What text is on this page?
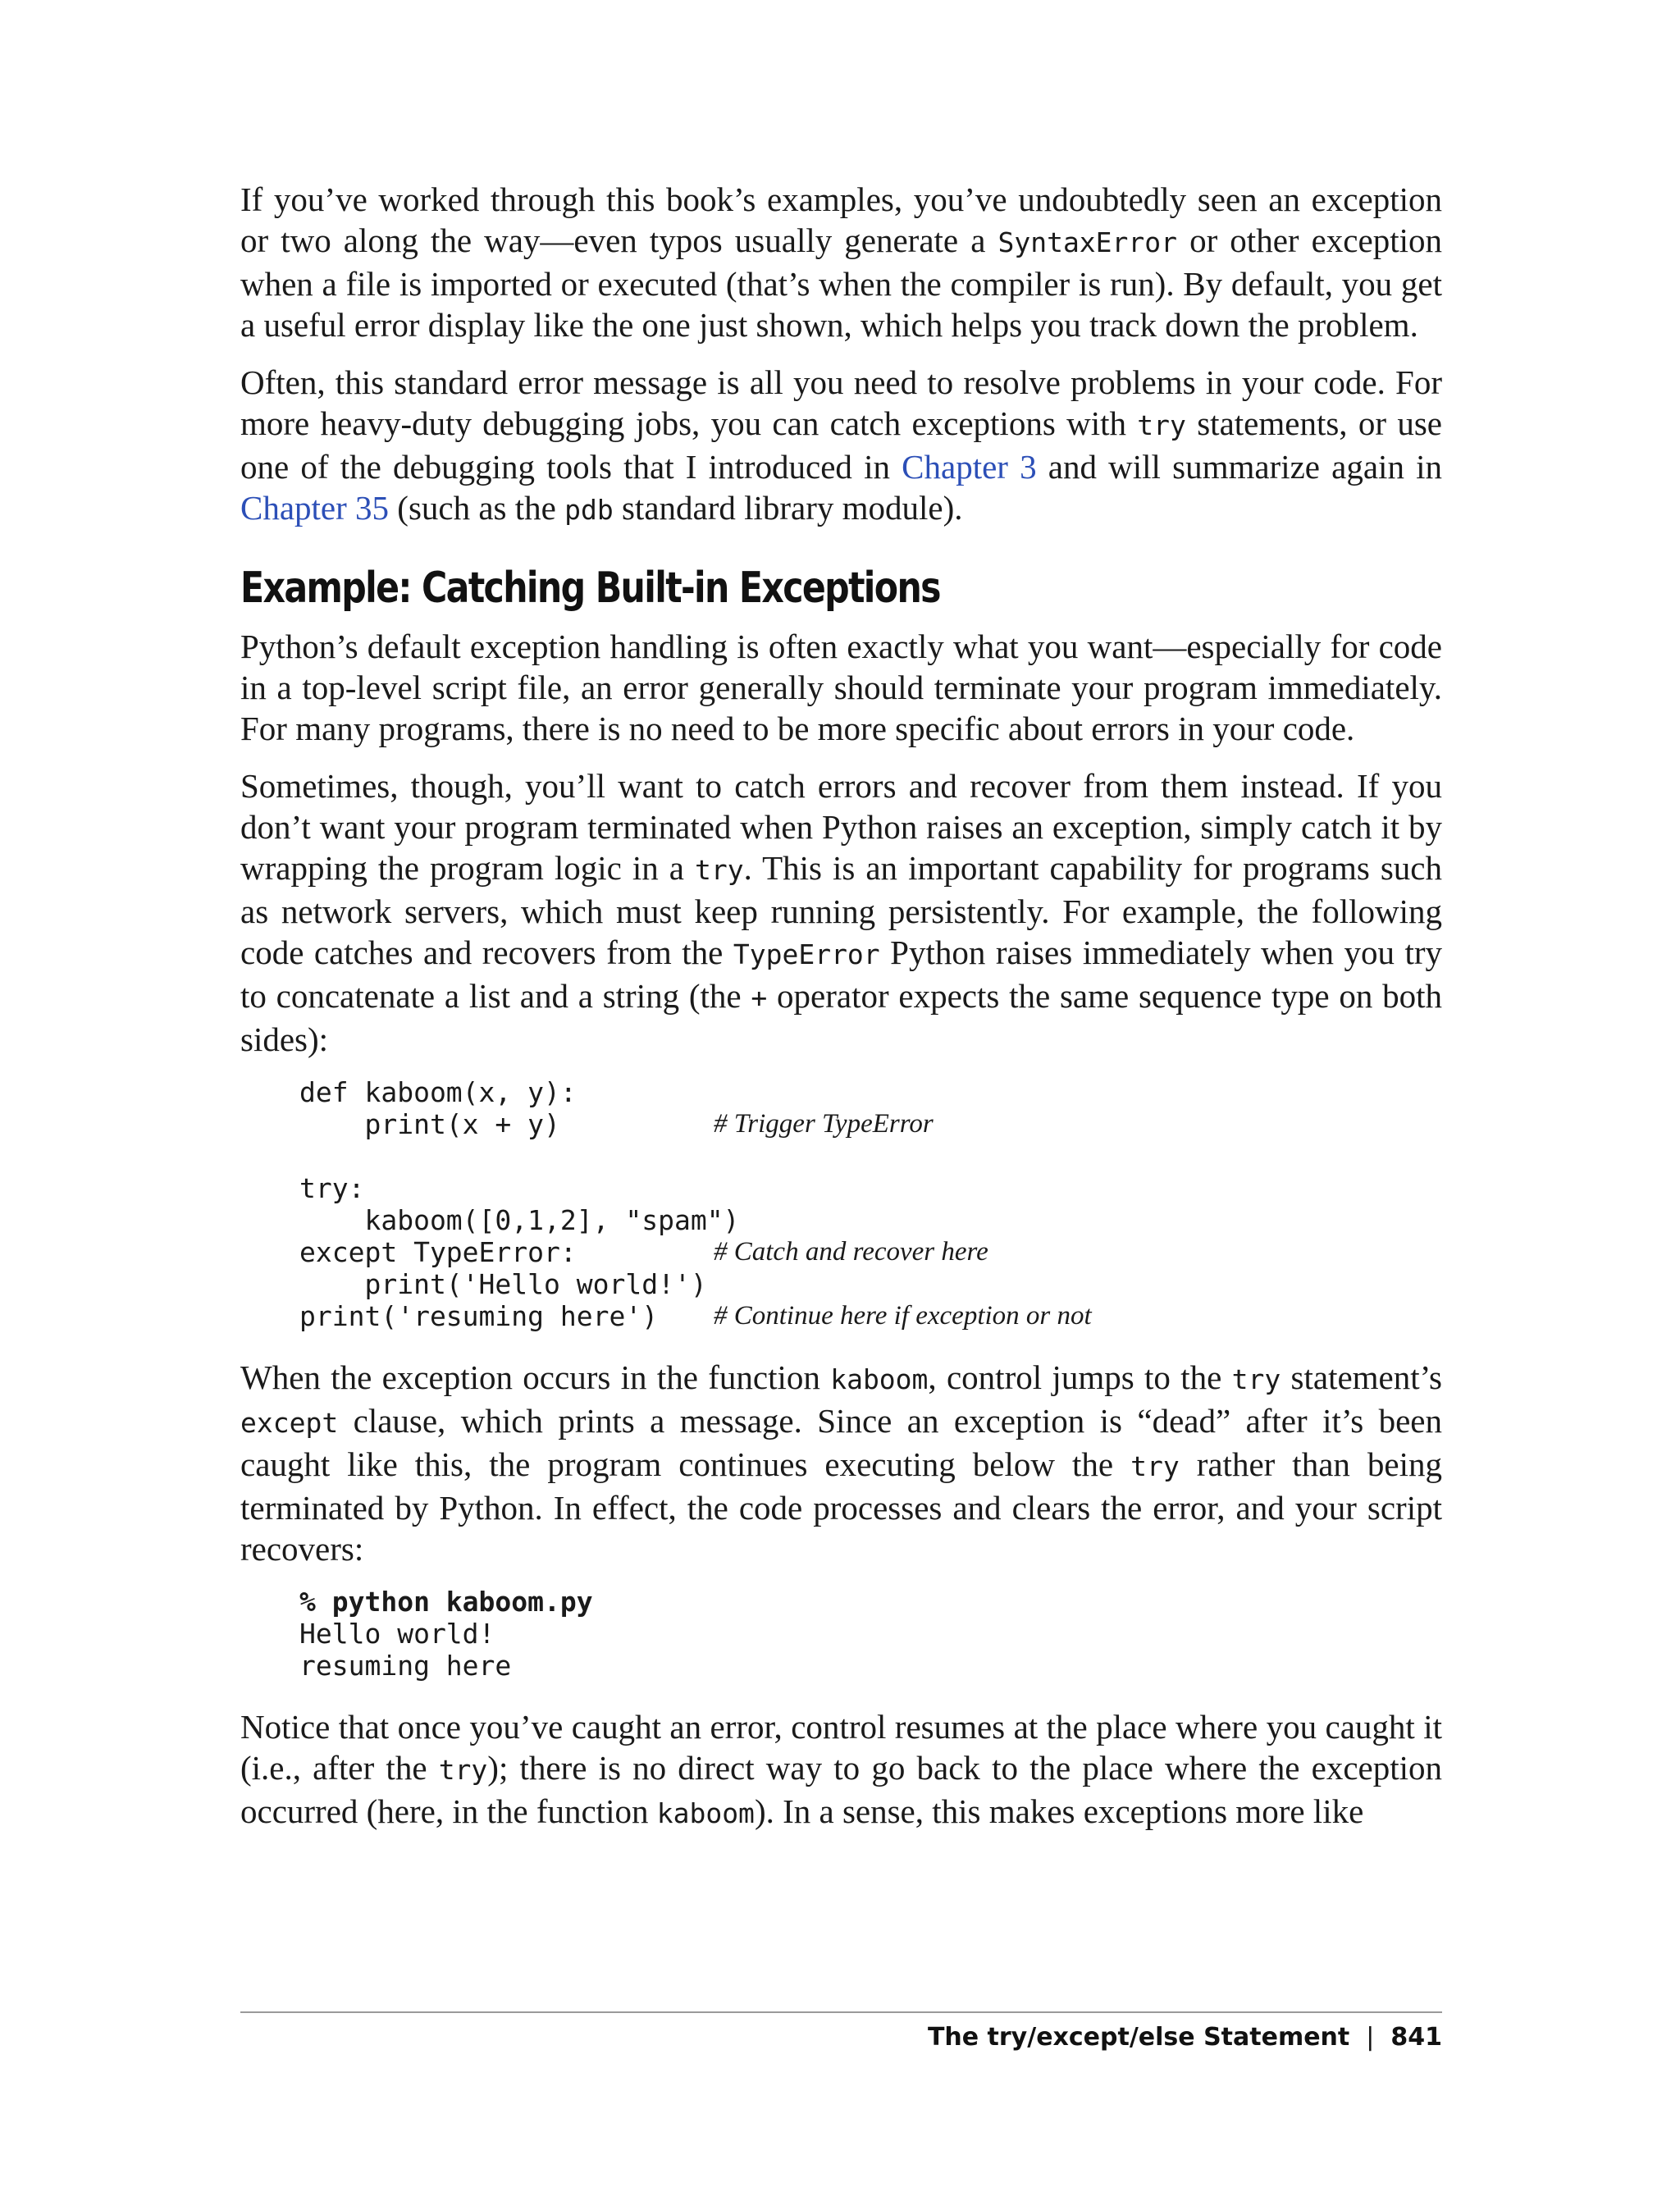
If you’ve worked through this book’s examples, you’ve undoubtedly seen an exception or two along the way—even typos usually generate a SyntaxError or other exception when a file is imported or executed (that’s when the compiler is run). By default, you get a useful error display like the one just shown, which helps you track down the problem.

Often, this standard error message is all you need to resolve problems in your code. For more heavy-duty debugging jobs, you can catch exceptions with try statements, or use one of the debugging tools that I introduced in Chapter 3 and will summarize again in Chapter 35 (such as the pdb standard library module).

Example: Catching Built-in Exceptions

Python’s default exception handling is often exactly what you want—especially for code in a top-level script file, an error generally should terminate your program immediately. For many programs, there is no need to be more specific about errors in your code.

Sometimes, though, you’ll want to catch errors and recover from them instead. If you don’t want your program terminated when Python raises an exception, simply catch it by wrapping the program logic in a try. This is an important capability for programs such as network servers, which must keep running persistently. For example, the following code catches and recovers from the TypeError Python raises immediately when you try to concatenate a list and a string (the + operator expects the same sequence type on both sides):

def kaboom(x, y):
print(x + y)	# Trigger TypeError
try:
kaboom([0,1,2], "spam")
except TypeError:	# Catch and recover here
print('Hello world!')
print('resuming here') # Continue here if exception or not

When the exception occurs in the function kaboom, control jumps to the try statement’s except clause, which prints a message. Since an exception is “dead” after it’s been caught like this, the program continues executing below the try rather than being terminated by Python. In effect, the code processes and clears the error, and your script recovers:

% python kaboom.py
Hello world!
resuming here

Notice that once you’ve caught an error, control resumes at the place where you caught it (i.e., after the try); there is no direct way to go back to the place where the exception occurred (here, in the function kaboom). In a sense, this makes exceptions more like

The try/except/else Statement | 841
